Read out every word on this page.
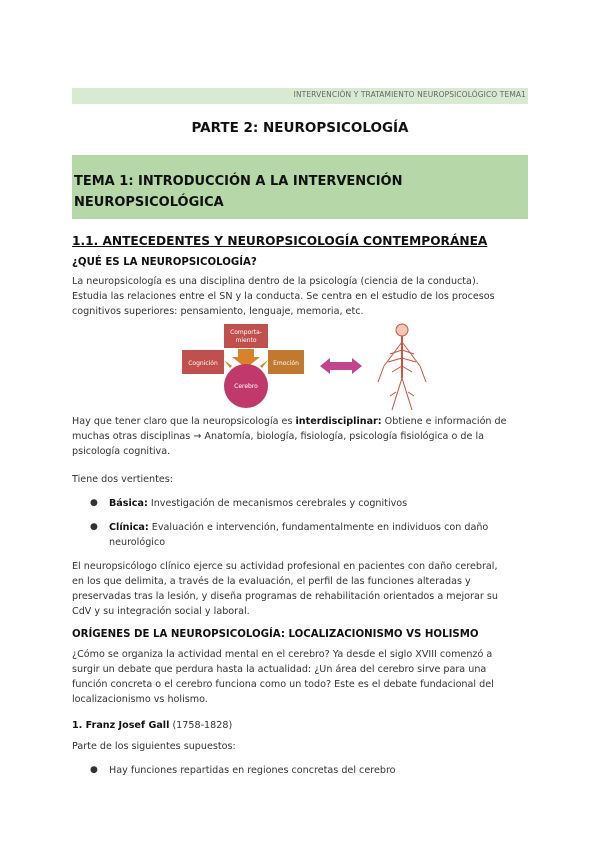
INTERVENCIÓN Y TRATAMIENTO NEUROPSICOLÓGICO TEMA1
PARTE 2: NEUROPSICOLOGÍA
TEMA 1: INTRODUCCIÓN A LA INTERVENCIÓN
NEUROPSICOLÓGICA
1.1. ANTECEDENTES Y NEUROPSICOLOGÍA CONTEMPORÁNEA
¿QUÉ ES LA NEUROPSICOLOGÍA?
La neuropsicología es una disciplina dentro de la psicología (ciencia de la conducta).
Estudia las relaciones entre el SN y la conducta. Se centra en el estudio de los procesos
cognitivos superiores: pensamiento, lenguaje, memoria, etc.
Comporta-
miento
Cognición	Emoción
Cerebro
Hay que tener claro que la neuropsicología es interdisciplinar: Obtiene e información de
muchas otras disciplinas → Anatomía, biología, fisiología, psicología fisiológica o de la
psicología cognitiva.
Tiene dos vertientes:
● Básica: Investigación de mecanismos cerebrales y cognitivos
● Clínica: Evaluación e intervención, fundamentalmente en individuos con daño
neurológico
El neuropsicólogo clínico ejerce su actividad profesional en pacientes con daño cerebral,
en los que delimita, a través de la evaluación, el perfil de las funciones alteradas y
preservadas tras la lesión, y diseña programas de rehabilitación orientados a mejorar su
CdV y su integración social y laboral.
ORÍGENES DE LA NEUROPSICOLOGÍA: LOCALIZACIONISMO VS HOLISMO
¿Cómo se organiza la actividad mental en el cerebro? Ya desde el siglo XVIII comenzó a
surgir un debate que perdura hasta la actualidad: ¿Un área del cerebro sirve para una
función concreta o el cerebro funciona como un todo? Este es el debate fundacional del
localizacionismo vs holismo.
1. Franz Josef Gall (1758-1828)
Parte de los siguientes supuestos:
● Hay funciones repartidas en regiones concretas del cerebro
